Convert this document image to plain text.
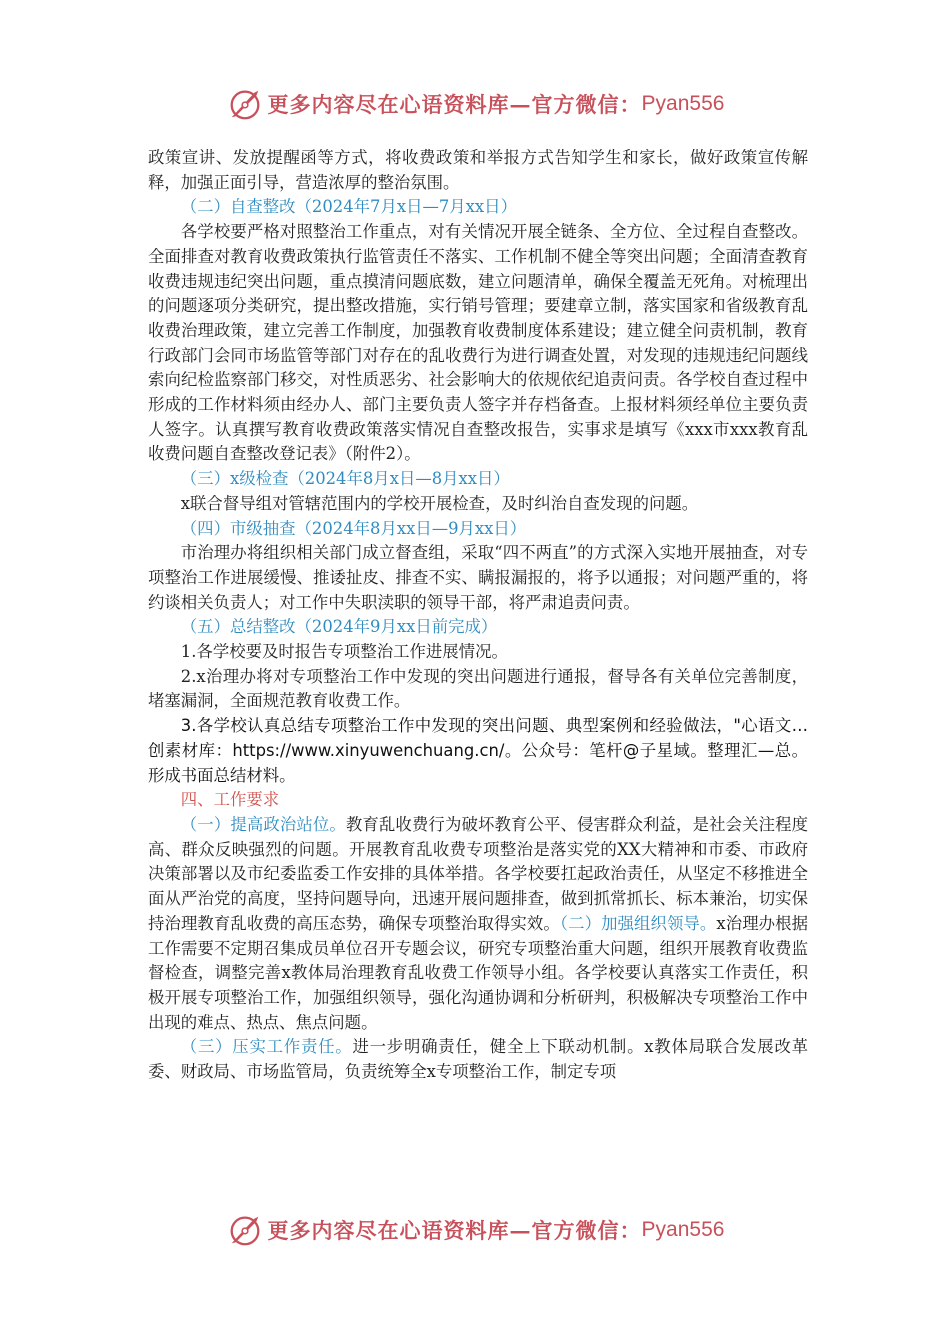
更多内容尽在心语资料库—官方微信： Pyan556

政策宣讲、发放提醒函等方式，将收费政策和举报方式告知学生和家长，做好政策宣传解释，加强正面引导，营造浓厚的整治氛围。

（二）自查整改（2024年7月x日—7月xx日）

各学校要严格对照整治工作重点，对有关情况开展全链条、全方位、全过程自查整改。全面排查对教育收费政策执行监管责任不落实、工作机制不健全等突出问题；全面清查教育收费违规违纪突出问题，重点摸清问题底数，建立问题清单，确保全覆盖无死角。对梳理出的问题逐项分类研究，提出整改措施，实行销号管理；要建章立制，落实国家和省级教育乱收费治理政策，建立完善工作制度，加强教育收费制度体系建设；建立健全问责机制，教育行政部门会同市场监管等部门对存在的乱收费行为进行调查处置，对发现的违规违纪问题线索向纪检监察部门移交，对性质恶劣、社会影响大的依规依纪追责问责。各学校自查过程中形成的工作材料须由经办人、部门主要负责人签字并存档备查。上报材料须经单位主要负责人签字。认真撰写教育收费政策落实情况自查整改报告，实事求是填写《xxx市xxx教育乱收费问题自查整改登记表》（附件2）。

（三）x级检查（2024年8月x日—8月xx日）

x联合督导组对管辖范围内的学校开展检查，及时纠治自查发现的问题。

（四）市级抽查（2024年8月xx日—9月xx日）

市治理办将组织相关部门成立督查组，采取“四不两直”的方式深入实地开展抽查，对专项整治工作进展缓慢、推诿扯皮、排查不实、瞒报漏报的，将予以通报；对问题严重的，将约谈相关负责人；对工作中失职渎职的领导干部，将严肃追责问责。

（五）总结整改（2024年9月xx日前完成）

1.各学校要及时报告专项整治工作进展情况。

2.x治理办将对专项整治工作中发现的突出问题进行通报，督导各有关单位完善制度，堵塞漏洞，全面规范教育收费工作。

3.各学校认真总结专项整治工作中发现的突出问题、典型案例和经验做法，"心语文…创素材库：https://www.xinyuwenchuang.cn/。公众号：笔杆@子星域。整理汇—总。形成书面总结材料。

四、工作要求

（一）提高政治站位。教育乱收费行为破坏教育公平、侵害群众利益，是社会关注程度高、群众反映强烈的问题。开展教育乱收费专项整治是落实党的XX大精神和市委、市政府决策部署以及市纪委监委工作安排的具体举措。各学校要扛起政治责任，从坚定不移推进全面从严治党的高度，坚持问题导向，迅速开展问题排查，做到抓常抓长、标本兼治，切实保持治理教育乱收费的高压态势，确保专项整治取得实效。（二）加强组织领导。x治理办根据工作需要不定期召集成员单位召开专题会议，研究专项整治重大问题，组织开展教育收费监督检查，调整完善x教体局治理教育乱收费工作领导小组。各学校要认真落实工作责任，积极开展专项整治工作，加强组织领导，强化沟通协调和分析研判，积极解决专项整治工作中出现的难点、热点、焦点问题。

（三）压实工作责任。进一步明确责任，健全上下联动机制。x教体局联合发展改革委、财政局、市场监管局，负责统筹全x专项整治工作，制定专项

更多内容尽在心语资料库—官方微信： Pyan556
